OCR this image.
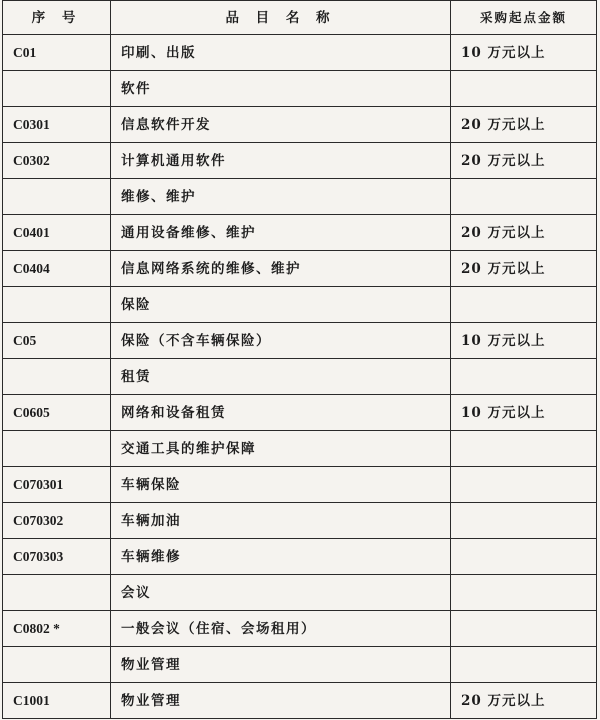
序 号	品 目 名 称	采购起点金额
C01	印刷、出版	10 万元以上
	软件	
C0301	信息软件开发	20 万元以上
C0302	计算机通用软件	20 万元以上
	维修、维护	
C0401	通用设备维修、维护	20 万元以上
C0404	信息网络系统的维修、维护	20 万元以上
	保险	
C05	保险（不含车辆保险）	10 万元以上
	租赁	
C0605	网络和设备租赁	10 万元以上
	交通工具的维护保障	
C070301	车辆保险	
C070302	车辆加油	
C070303	车辆维修	
	会议	
C0802 *	一般会议（住宿、会场租用）	
	物业管理	
C1001	物业管理	20 万元以上
